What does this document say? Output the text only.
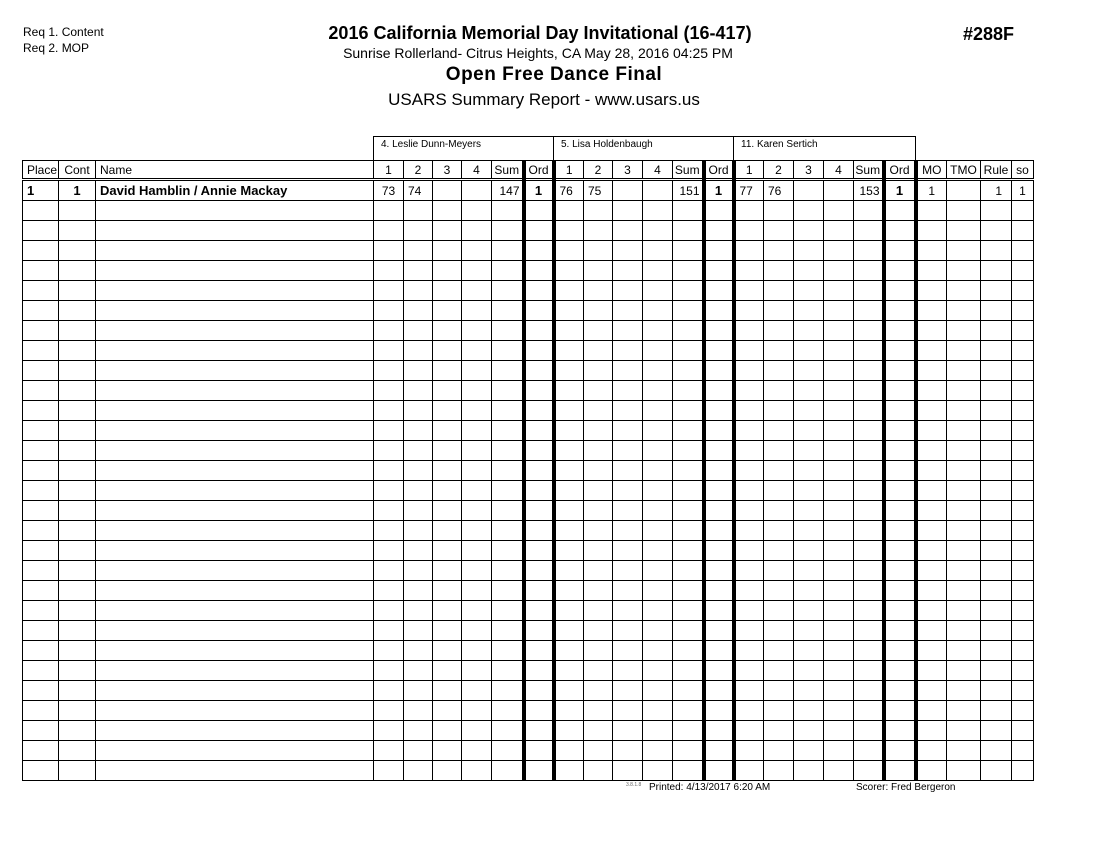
Req 1. Content
Req 2. MOP
2016 California Memorial Day Invitational (16-417)
Sunrise Rollerland- Citrus Heights, CA May 28, 2016 04:25 PM
Open Free Dance Final
USARS Summary Report - www.usars.us
#288F
4. Leslie Dunn-Meyers	5. Lisa Holdenbaugh	11. Karen Sertich
Place	Cont	Name	1	2	3	4	Sum	Ord	1	2	3	4	Sum	Ord	1	2	3	4	Sum	Ord	MO	TMO	Rule	so
1	1	David Hamblin / Annie Mackay	73	74			147	1	76	75			151	1	77	76			153	1	1		1	1

3.8.1.8 Printed: 4/13/2017 6:20 AM	Scorer: Fred Bergeron
